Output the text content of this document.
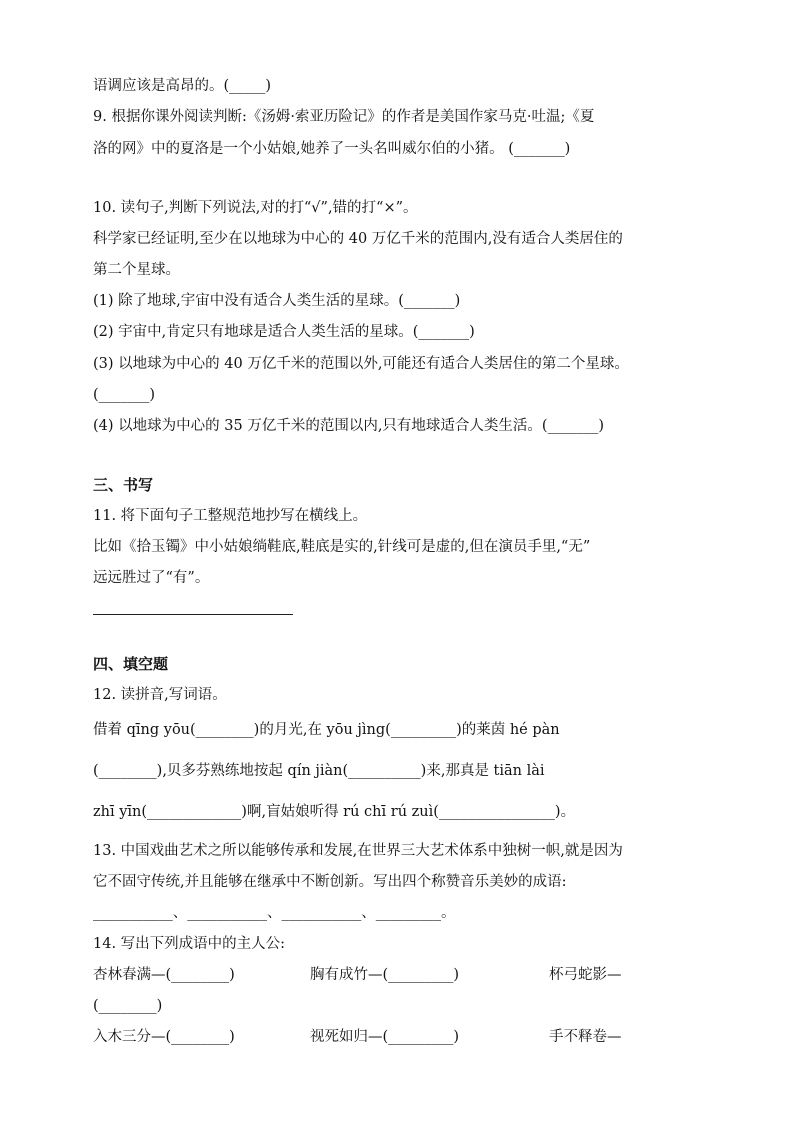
语调应该是高昂的。(_____)
9. 根据你课外阅读判断:《汤姆·索亚历险记》的作者是美国作家马克·吐温;《夏
洛的网》中的夏洛是一个小姑娘,她养了一头名叫威尔伯的小猪。 (_______)
10. 读句子,判断下列说法,对的打“√”,错的打“×”。
科学家已经证明,至少在以地球为中心的 40 万亿千米的范围内,没有适合人类居住的
第二个星球。
(1) 除了地球,宇宙中没有适合人类生活的星球。(_______)
(2) 宇宙中,肯定只有地球是适合人类生活的星球。(_______)
(3) 以地球为中心的 40 万亿千米的范围以外,可能还有适合人类居住的第二个星球。
(_______)
(4) 以地球为中心的 35 万亿千米的范围以内,只有地球适合人类生活。(_______)
三、书写
11. 将下面句子工整规范地抄写在横线上。
比如《拾玉镯》中小姑娘绱鞋底,鞋底是实的,针线可是虚的,但在演员手里,“无”
远远胜过了“有”。
四、填空题
12. 读拼音,写词语。
借着 qīng yōu(________)的月光,在 yōu jìng(_________)的莱茵 hé pàn
(________),贝多芬熟练地按起 qín jiàn(__________)来,那真是 tiān lài
zhī yīn(_____________)啊,盲姑娘听得 rú chī rú zuì(________________)。
13. 中国戏曲艺术之所以能够传承和发展,在世界三大艺术体系中独树一帜,就是因为
它不固守传统,并且能够在继承中不断创新。写出四个称赞音乐美妙的成语:
___________、___________、___________、_________。
14. 写出下列成语中的主人公:
杏林春满—(________)	胸有成竹—(_________)	杯弓蛇影—
(________)
入木三分—(________)	视死如归—(_________)	手不释卷—
